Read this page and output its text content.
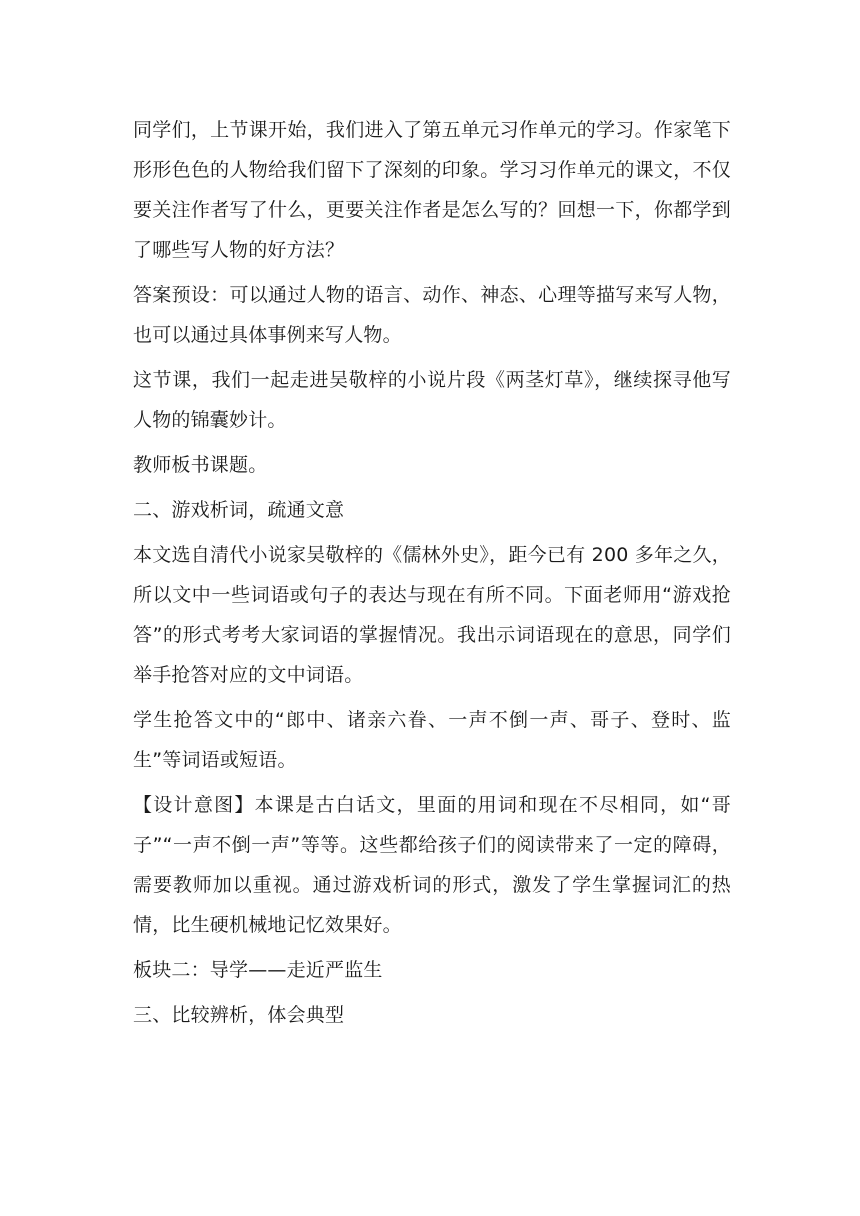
同学们，上节课开始，我们进入了第五单元习作单元的学习。作家笔下形形色色的人物给我们留下了深刻的印象。学习习作单元的课文，不仅要关注作者写了什么，更要关注作者是怎么写的？回想一下，你都学到了哪些写人物的好方法？

答案预设：可以通过人物的语言、动作、神态、心理等描写来写人物，也可以通过具体事例来写人物。

这节课，我们一起走进吴敬梓的小说片段《两茎灯草》，继续探寻他写人物的锦囊妙计。

教师板书课题。

二、游戏析词，疏通文意

本文选自清代小说家吴敬梓的《儒林外史》，距今已有 200 多年之久，所以文中一些词语或句子的表达与现在有所不同。下面老师用“游戏抢答”的形式考考大家词语的掌握情况。我出示词语现在的意思，同学们举手抢答对应的文中词语。

学生抢答文中的“郎中、诸亲六眷、一声不倒一声、哥子、登时、监生”等词语或短语。

【设计意图】本课是古白话文，里面的用词和现在不尽相同，如“哥子”“一声不倒一声”等等。这些都给孩子们的阅读带来了一定的障碍，需要教师加以重视。通过游戏析词的形式，激发了学生掌握词汇的热情，比生硬机械地记忆效果好。

板块二：导学——走近严监生

三、比较辨析，体会典型
